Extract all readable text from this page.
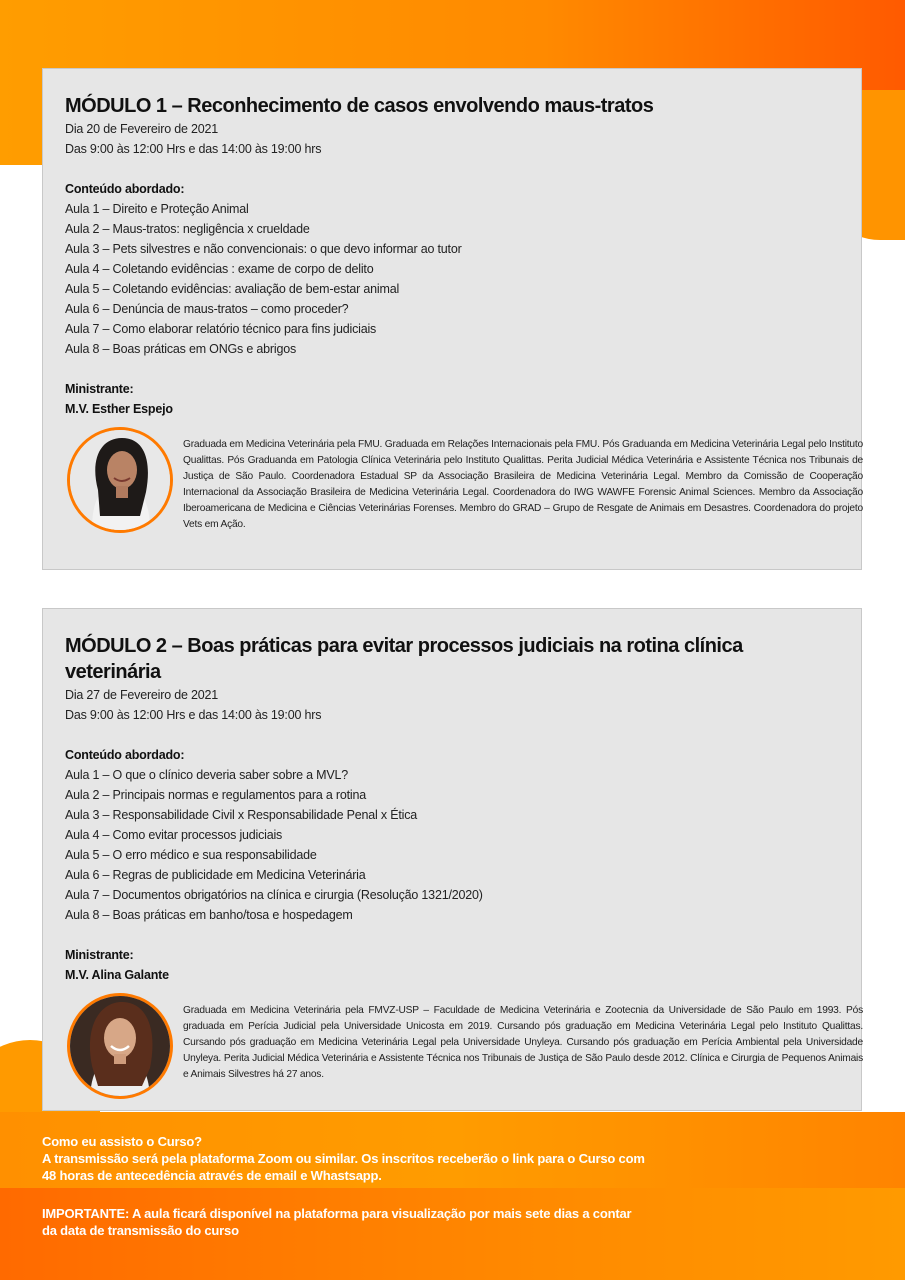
MÓDULO 1 – Reconhecimento de casos envolvendo maus-tratos
Dia 20 de Fevereiro de 2021
Das 9:00 às 12:00 Hrs e das 14:00 às 19:00 hrs
Conteúdo abordado:
Aula 1 – Direito e Proteção Animal
Aula 2 – Maus-tratos: negligência x crueldade
Aula 3 – Pets silvestres e não convencionais: o que devo informar ao tutor
Aula 4 – Coletando evidências : exame de corpo de delito
Aula 5 – Coletando evidências: avaliação de bem-estar animal
Aula 6 – Denúncia de maus-tratos – como proceder?
Aula 7 – Como elaborar relatório técnico para fins judiciais
Aula 8 – Boas práticas em ONGs e abrigos
Ministrante:
M.V. Esther Espejo

Graduada em Medicina Veterinária pela FMU. Graduada em Relações Internacionais pela FMU. Pós Graduanda em Medicina Veterinária Legal pelo Instituto Qualittas. Pós Graduanda em Patologia Clínica Veterinária pelo Instituto Qualittas. Perita Judicial Médica Veterinária e Assistente Técnica nos Tribunais de Justiça de São Paulo. Coordenadora Estadual SP da Associação Brasileira de Medicina Veterinária Legal. Membro da Comissão de Cooperação Internacional da Associação Brasileira de Medicina Veterinária Legal. Coordenadora do IWG WAWFE Forensic Animal Sciences. Membro da Associação Iberoamericana de Medicina e Ciências Veterinárias Forenses. Membro do GRAD – Grupo de Resgate de Animais em Desastres. Coordenadora do projeto Vets em Ação.

MÓDULO 2 – Boas práticas para evitar processos judiciais na rotina clínica veterinária
Dia 27 de Fevereiro de 2021
Das 9:00 às 12:00 Hrs e das 14:00 às 19:00 hrs
Conteúdo abordado:
Aula 1 – O que o clínico deveria saber sobre a MVL?
Aula 2 – Principais normas e regulamentos para a rotina
Aula 3 – Responsabilidade Civil x Responsabilidade Penal x Ética
Aula 4 – Como evitar processos judiciais
Aula 5 – O erro médico e sua responsabilidade
Aula 6 – Regras de publicidade em Medicina Veterinária
Aula 7 – Documentos obrigatórios na clínica e cirurgia (Resolução 1321/2020)
Aula 8 – Boas práticas em banho/tosa e hospedagem
Ministrante:
M.V. Alina Galante

Graduada em Medicina Veterinária pela FMVZ-USP – Faculdade de Medicina Veterinária e Zootecnia da Universidade de São Paulo em 1993. Pós graduada em Perícia Judicial pela Universidade Unicosta em 2019. Cursando pós graduação em Medicina Veterinária Legal pelo Instituto Qualittas. Cursando pós graduação em Medicina Veterinária Legal pela Universidade Unyleya. Cursando pós graduação em Perícia Ambiental pela Universidade Unyleya. Perita Judicial Médica Veterinária e Assistente Técnica nos Tribunais de Justiça de São Paulo desde 2012. Clínica e Cirurgia de Pequenos Animais e Animais Silvestres há 27 anos.

Como eu assisto o Curso?
A transmissão será pela plataforma Zoom ou similar. Os inscritos receberão o link para o Curso com
48 horas de antecedência através de email e Whastsapp.
IMPORTANTE: A aula ficará disponível na plataforma para visualização por mais sete dias a contar
da data de transmissão do curso
